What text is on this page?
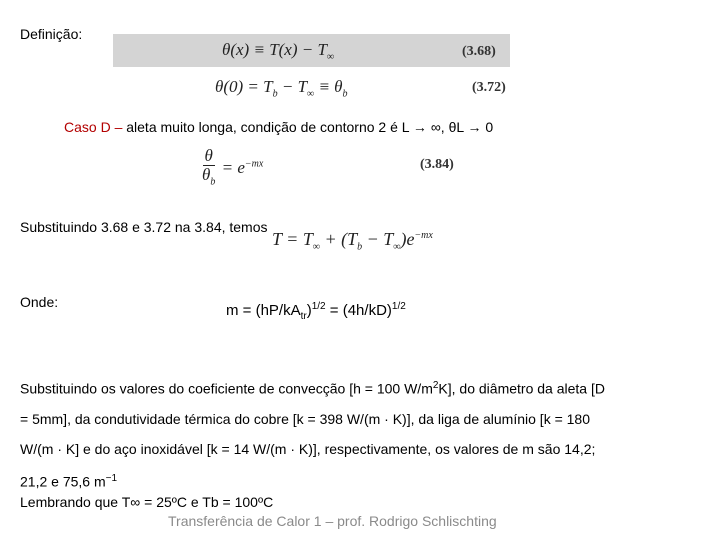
Definição:
$\theta(x) \equiv T(x) - T_\infty$	(3.68)
$\theta(0) = T_b - T_\infty \equiv \theta_b$	(3.72)
Caso D – aleta muito longa, condição de contorno 2 é L → ∞, θL → 0
$\frac{\theta}{\theta_b} = e^{-mx}$	(3.84)
Substituindo 3.68 e 3.72 na 3.84, temos
$T = T_\infty + (T_b - T_\infty)e^{-mx}$
Onde:	$m = (hP/kA_{tr})^{1/2} = (4h/kD)^{1/2}$
Substituindo os valores do coeficiente de convecção [h = 100 $W/m^2K$], do diâmetro da aleta [D
= 5mm], da condutividade térmica do cobre [k = 398 W/(m · K)], da liga de alumínio [k = 180
W/(m · K] e do aço inoxidável [k = 14 W/(m · K)], respectivamente, os valores de m são 14,2;
21,2 e 75,6 $m^{-1}$
Lembrando que T∞ = 25ºC e Tb = 100ºC
Transferência de Calor 1 – prof. Rodrigo Schlischting
